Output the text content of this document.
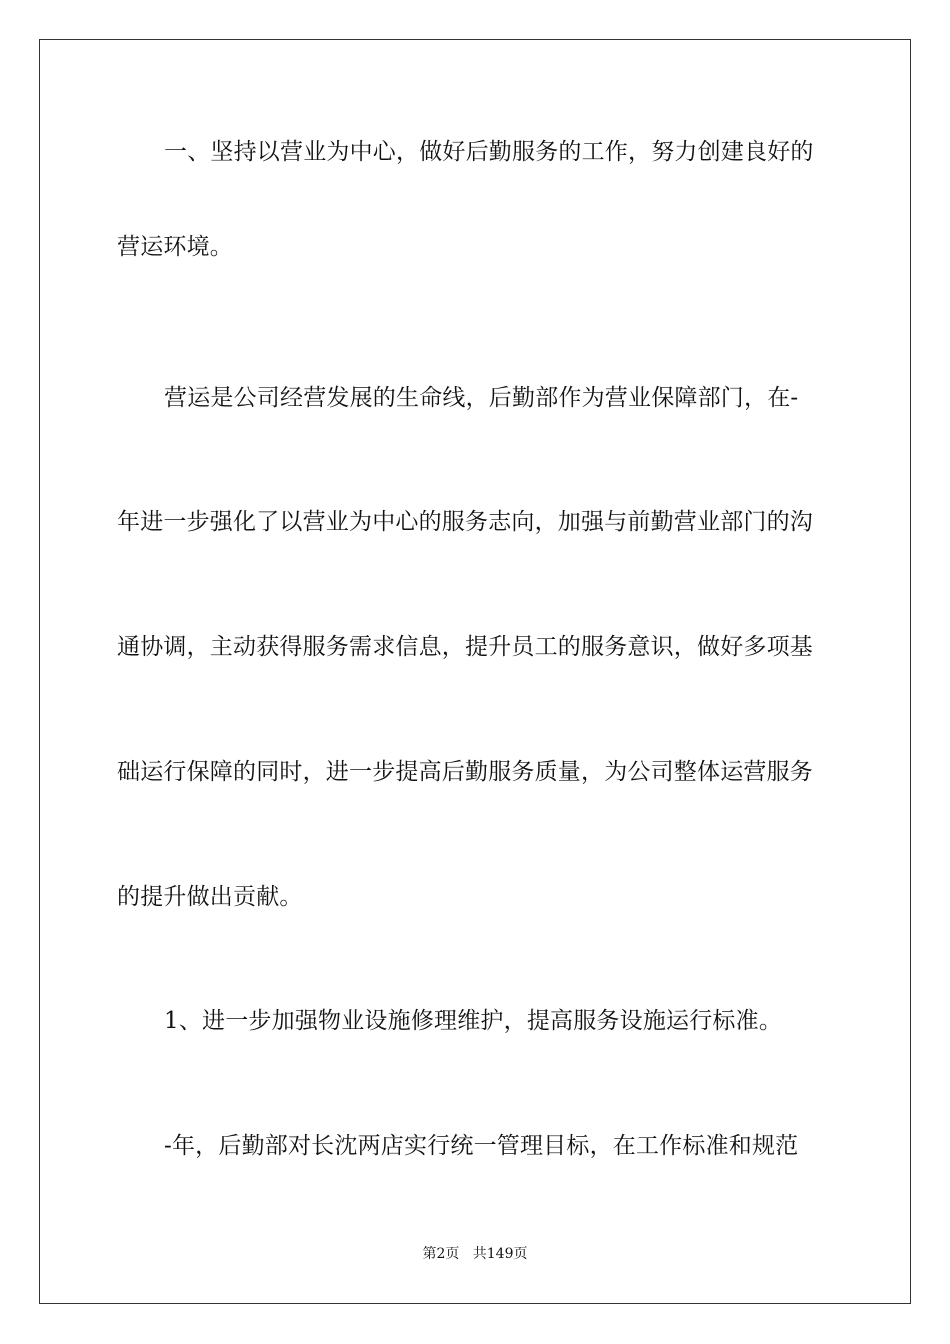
一、坚持以营业为中心，做好后勤服务的工作，努力创建良好的
营运环境。
营运是公司经营发展的生命线，后勤部作为营业保障部门，在-
年进一步强化了以营业为中心的服务志向，加强与前勤营业部门的沟
通协调，主动获得服务需求信息，提升员工的服务意识，做好多项基
础运行保障的同时，进一步提高后勤服务质量，为公司整体运营服务
的提升做出贡献。
1、进一步加强物业设施修理维护，提高服务设施运行标准。
-年，后勤部对长沈两店实行统一管理目标，在工作标准和规范
第2页 共149页
